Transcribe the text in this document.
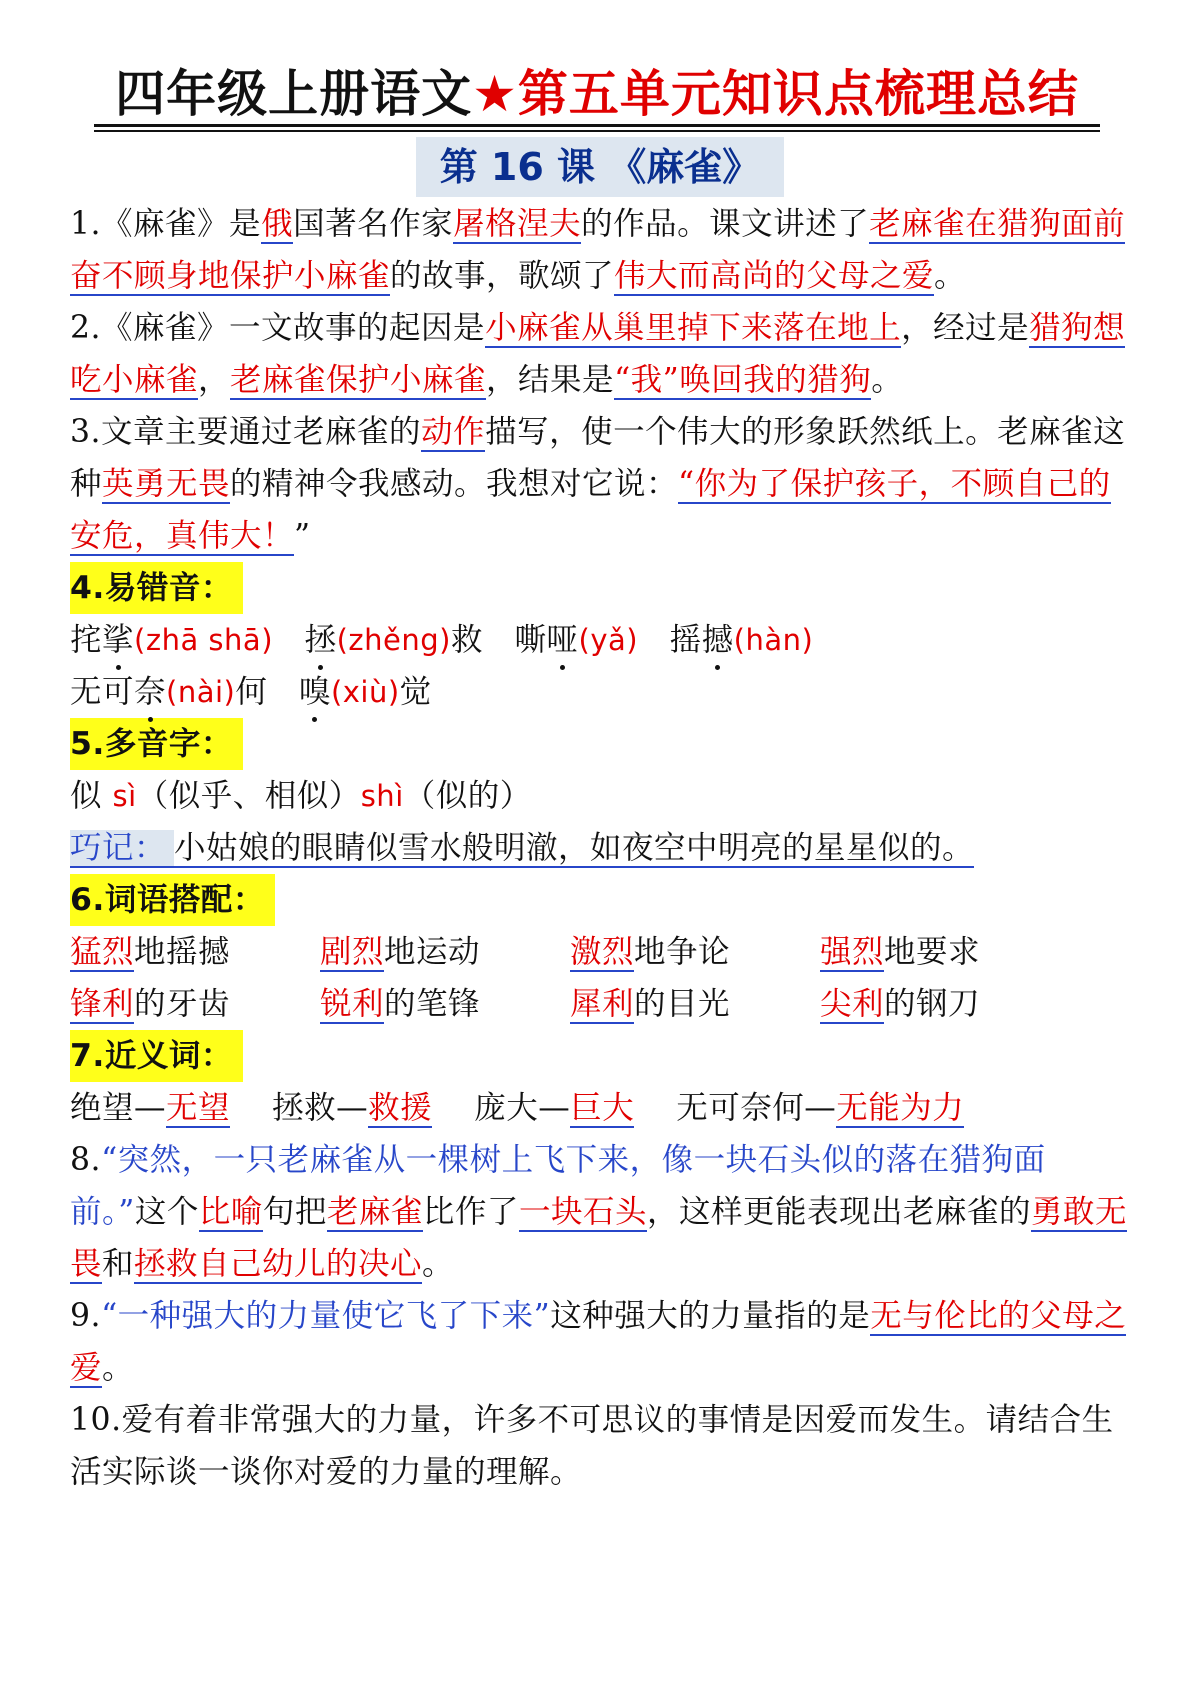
四年级上册语文★第五单元知识点梳理总结
第 16 课 《麻雀》

1.《麻雀》是俄国著名作家屠格涅夫的作品。课文讲述了老麻雀在猎狗面前奋不顾身地保护小麻雀的故事，歌颂了伟大而高尚的父母之爱。

2.《麻雀》一文故事的起因是小麻雀从巢里掉下来落在地上，经过是猎狗想吃小麻雀，老麻雀保护小麻雀，结果是“我”唤回我的猎狗。

3.文章主要通过老麻雀的动作描写，使一个伟大的形象跃然纸上。老麻雀这种英勇无畏的精神令我感动。我想对它说：“你为了保护孩子，不顾自己的安危，真伟大！”

4.易错音：

挓挲(zhā shā) 拯(zhěng)救   嘶哑(yǎ) 摇撼(hàn)

无可奈(nài)何   嗅(xiù)觉

5.多音字：

似 sì（似乎、相似）shì（似的）

巧记： 小姑娘的眼睛似雪水般明澈，如夜空中明亮的星星似的。

6.词语搭配：

猛烈地摇撼	剧烈地运动	激烈地争论	强烈地要求
锋利的牙齿	锐利的笔锋	犀利的目光	尖利的钢刀

7.近义词：

绝望—无望 拯救—救援 庞大—巨大 无可奈何—无能为力

8.“突然，一只老麻雀从一棵树上飞下来，像一块石头似的落在猎狗面前。”这个比喻句把老麻雀比作了一块石头，这样更能表现出老麻雀的勇敢无畏和拯救自己幼儿的决心。

9.“一种强大的力量使它飞了下来”这种强大的力量指的是无与伦比的父母之爱。

10.爱有着非常强大的力量，许多不可思议的事情是因爱而发生。请结合生活实际谈一谈你对爱的力量的理解。
